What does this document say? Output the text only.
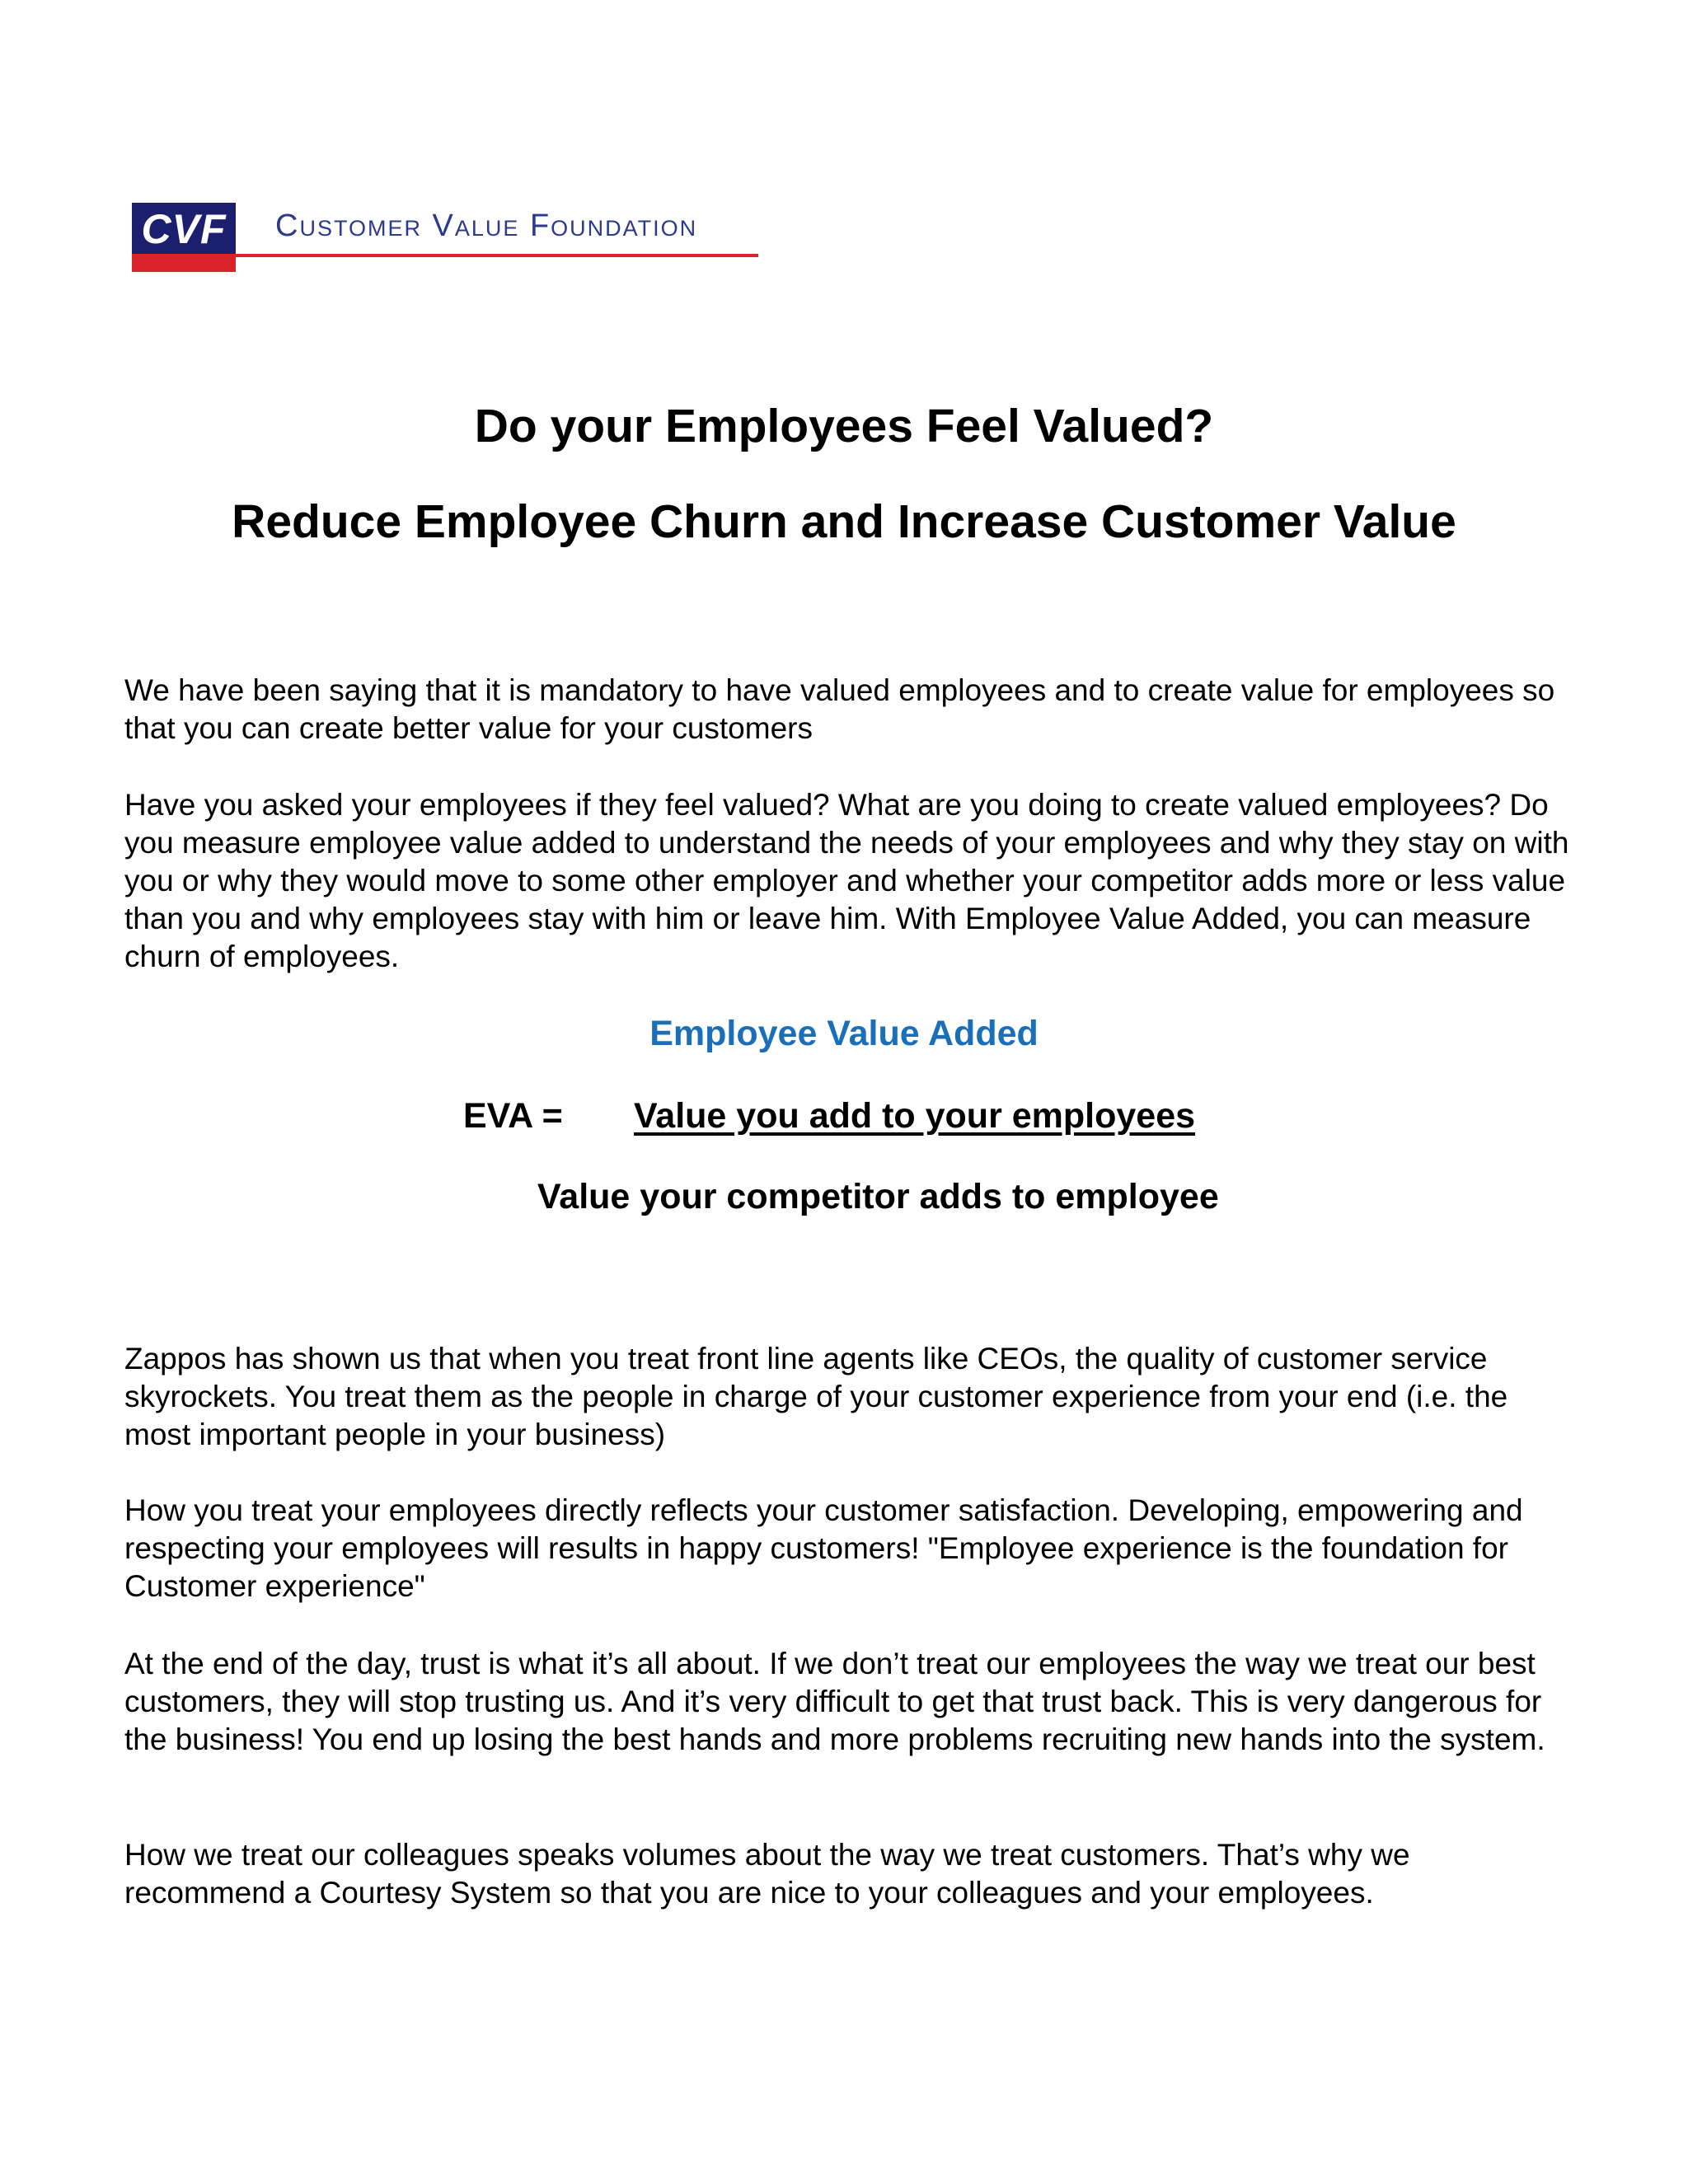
CVF	Customer Value Foundation
Do your Employees Feel Valued?
Reduce Employee Churn and Increase Customer Value

We have been saying that it is mandatory to have valued employees and to create value for employees so that you can create better value for your customers

Have you asked your employees if they feel valued? What are you doing to create valued employees? Do you measure employee value added to understand the needs of your employees and why they stay on with you or why they would move to some other employer and whether your competitor adds more or less value than you and why employees stay with him or leave him. With Employee Value Added, you can measure churn of employees.

Employee Value Added
EVA = Value you add to your employees
Value your competitor adds to employee

Zappos has shown us that when you treat front line agents like CEOs, the quality of customer service skyrockets. You treat them as the people in charge of your customer experience from your end (i.e. the most important people in your business)

How you treat your employees directly reflects your customer satisfaction. Developing, empowering and respecting your employees will results in happy customers! "Employee experience is the foundation for Customer experience"

At the end of the day, trust is what it’s all about. If we don’t treat our employees the way we treat our best customers, they will stop trusting us. And it’s very difficult to get that trust back. This is very dangerous for the business! You end up losing the best hands and more problems recruiting new hands into the system.

How we treat our colleagues speaks volumes about the way we treat customers. That’s why we recommend a Courtesy System so that you are nice to your colleagues and your employees.
